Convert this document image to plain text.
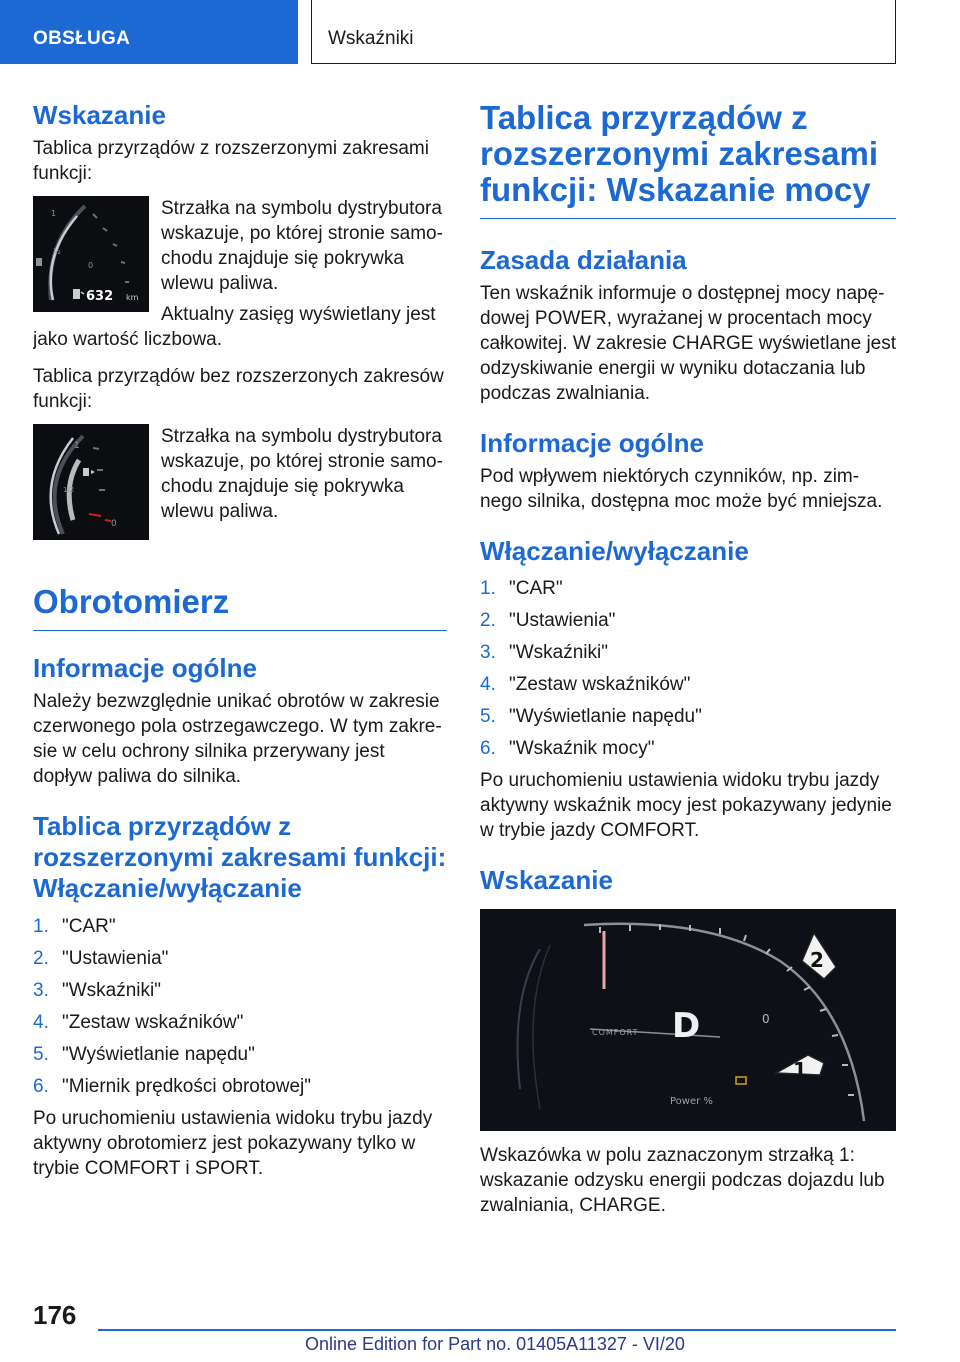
OBSŁUGA	Wskaźniki
Wskazanie

Tablica przyrządów z rozszerzonymi zakresami funkcji:

1
½
0
632 km

Strzałka na symbolu dystrybutora wskazuje, po której stronie samo-chodu znajduje się pokrywka wlewu paliwa.

Aktualny zasięg wyświetlany jest jako wartość liczbowa.

Tablica przyrządów bez rozszerzonych zakresów funkcji:

1
1/2
0

Strzałka na symbolu dystrybutora wskazuje, po której stronie samo-chodu znajduje się pokrywka wlewu paliwa.

Obrotomierz
Informacje ogólne

Należy bezwzględnie unikać obrotów w zakresie czerwonego pola ostrzegawczego. W tym zakre-sie w celu ochrony silnika przerywany jest dopływ paliwa do silnika.

Tablica przyrządów z rozszerzonymi zakresami funkcji: Włączanie/wyłączanie
1. "CAR"
2. "Ustawienia"
3. "Wskaźniki"
4. "Zestaw wskaźników"
5. "Wyświetlanie napędu"
6. "Miernik prędkości obrotowej"

Po uruchomieniu ustawienia widoku trybu jazdy aktywny obrotomierz jest pokazywany tylko w trybie COMFORT i SPORT.

Tablica przyrządów z rozszerzonymi zakresami funkcji: Wskazanie mocy
Zasada działania

Ten wskaźnik informuje o dostępnej mocy napę-dowej POWER, wyrażanej w procentach mocy całkowitej. W zakresie CHARGE wyświetlane jest odzyskiwanie energii w wyniku dotaczania lub podczas zwalniania.

Informacje ogólne

Pod wpływem niektórych czynników, np. zim-nego silnika, dostępna moc może być mniejsza.

Włączanie/wyłączanie
1. "CAR"
2. "Ustawienia"
3. "Wskaźniki"
4. "Zestaw wskaźników"
5. "Wyświetlanie napędu"
6. "Wskaźnik mocy"

Po uruchomieniu ustawienia widoku trybu jazdy aktywny wskaźnik mocy jest pokazywany jedynie w trybie jazdy COMFORT.

Wskazanie
D
COMFORT
0
Power %
1
2

Wskazówka w polu zaznaczonym strzałką 1: wskazanie odzysku energii podczas dojazdu lub zwalniania, CHARGE.

176
Online Edition for Part no. 01405A11327 - VI/20
